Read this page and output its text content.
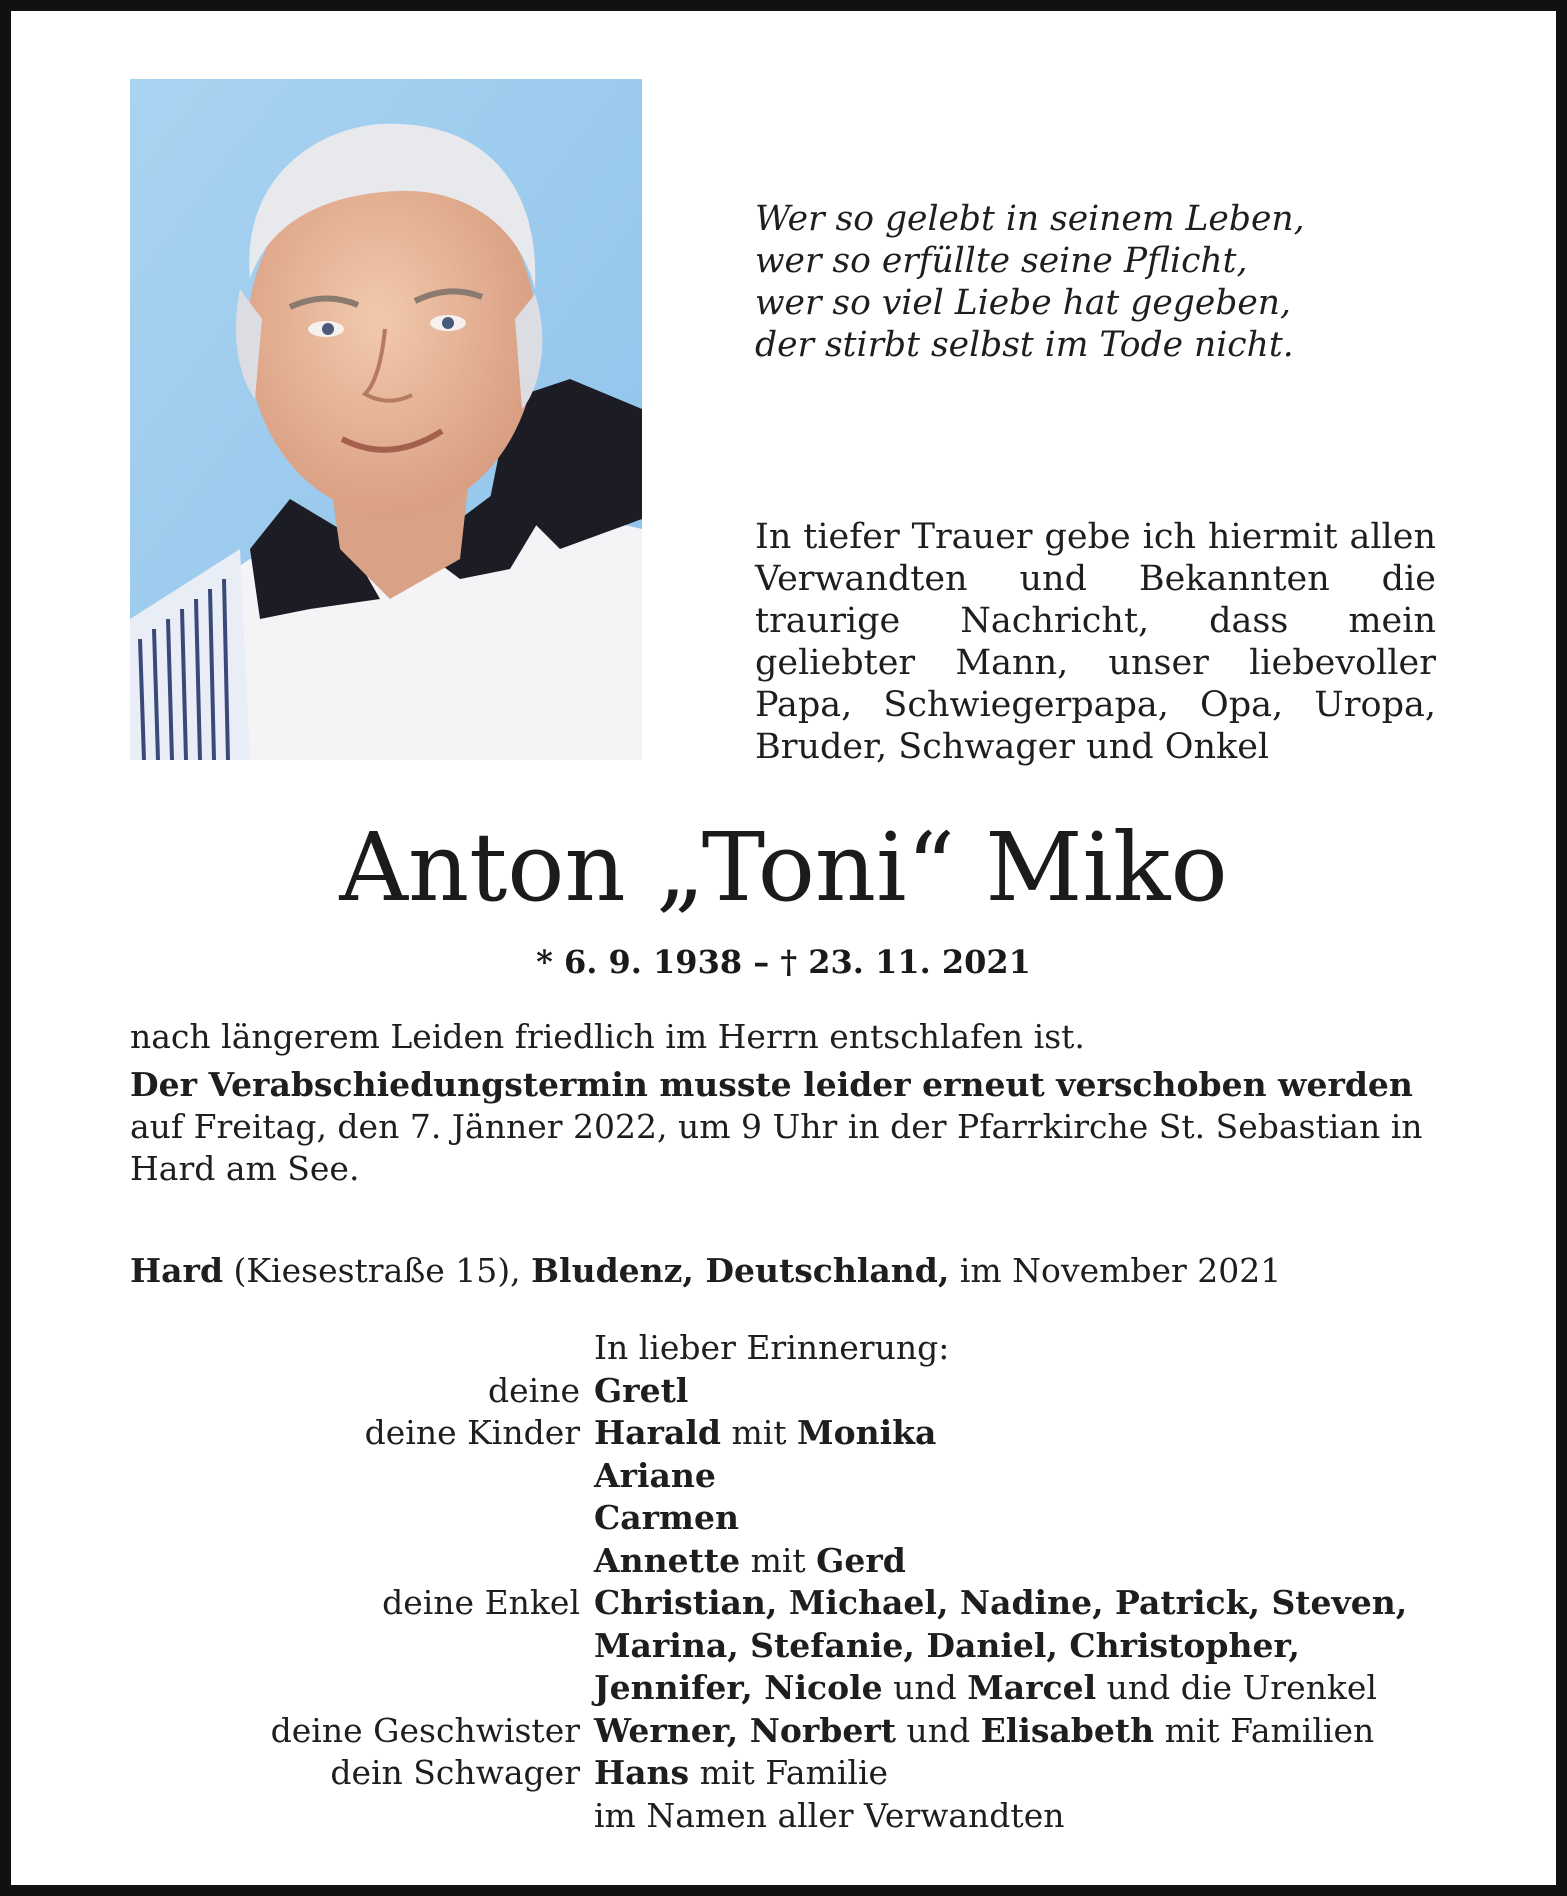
Wer so gelebt in seinem Leben,
wer so erfüllte seine Pflicht,
wer so viel Liebe hat gegeben,
der stirbt selbst im Tode nicht.
In tiefer Trauer gebe ich hiermit allen Verwandten und Bekannten die traurige Nachricht, dass mein geliebter Mann, unser liebevoller Papa, Schwiegerpapa, Opa, Uropa, Bruder, Schwager und Onkel
Anton „Toni“ Miko
* 6. 9. 1938 – † 23. 11. 2021

nach längerem Leiden friedlich im Herrn entschlafen ist.

Der Verabschiedungstermin musste leider erneut verschoben werden

auf Freitag, den 7. Jänner 2022, um 9 Uhr in der Pfarrkirche St. Sebastian in Hard am See.

Hard (Kiesestraße 15), Bludenz, Deutschland, im November 2021
In lieber Erinnerung:
deine Gretl
deine Kinder Harald mit Monika
Ariane
Carmen
Annette mit Gerd
deine Enkel Christian, Michael, Nadine, Patrick, Steven,
Marina, Stefanie, Daniel, Christopher,
Jennifer, Nicole und Marcel und die Urenkel
deine Geschwister Werner, Norbert und Elisabeth mit Familien
dein Schwager Hans mit Familie
im Namen aller Verwandten
